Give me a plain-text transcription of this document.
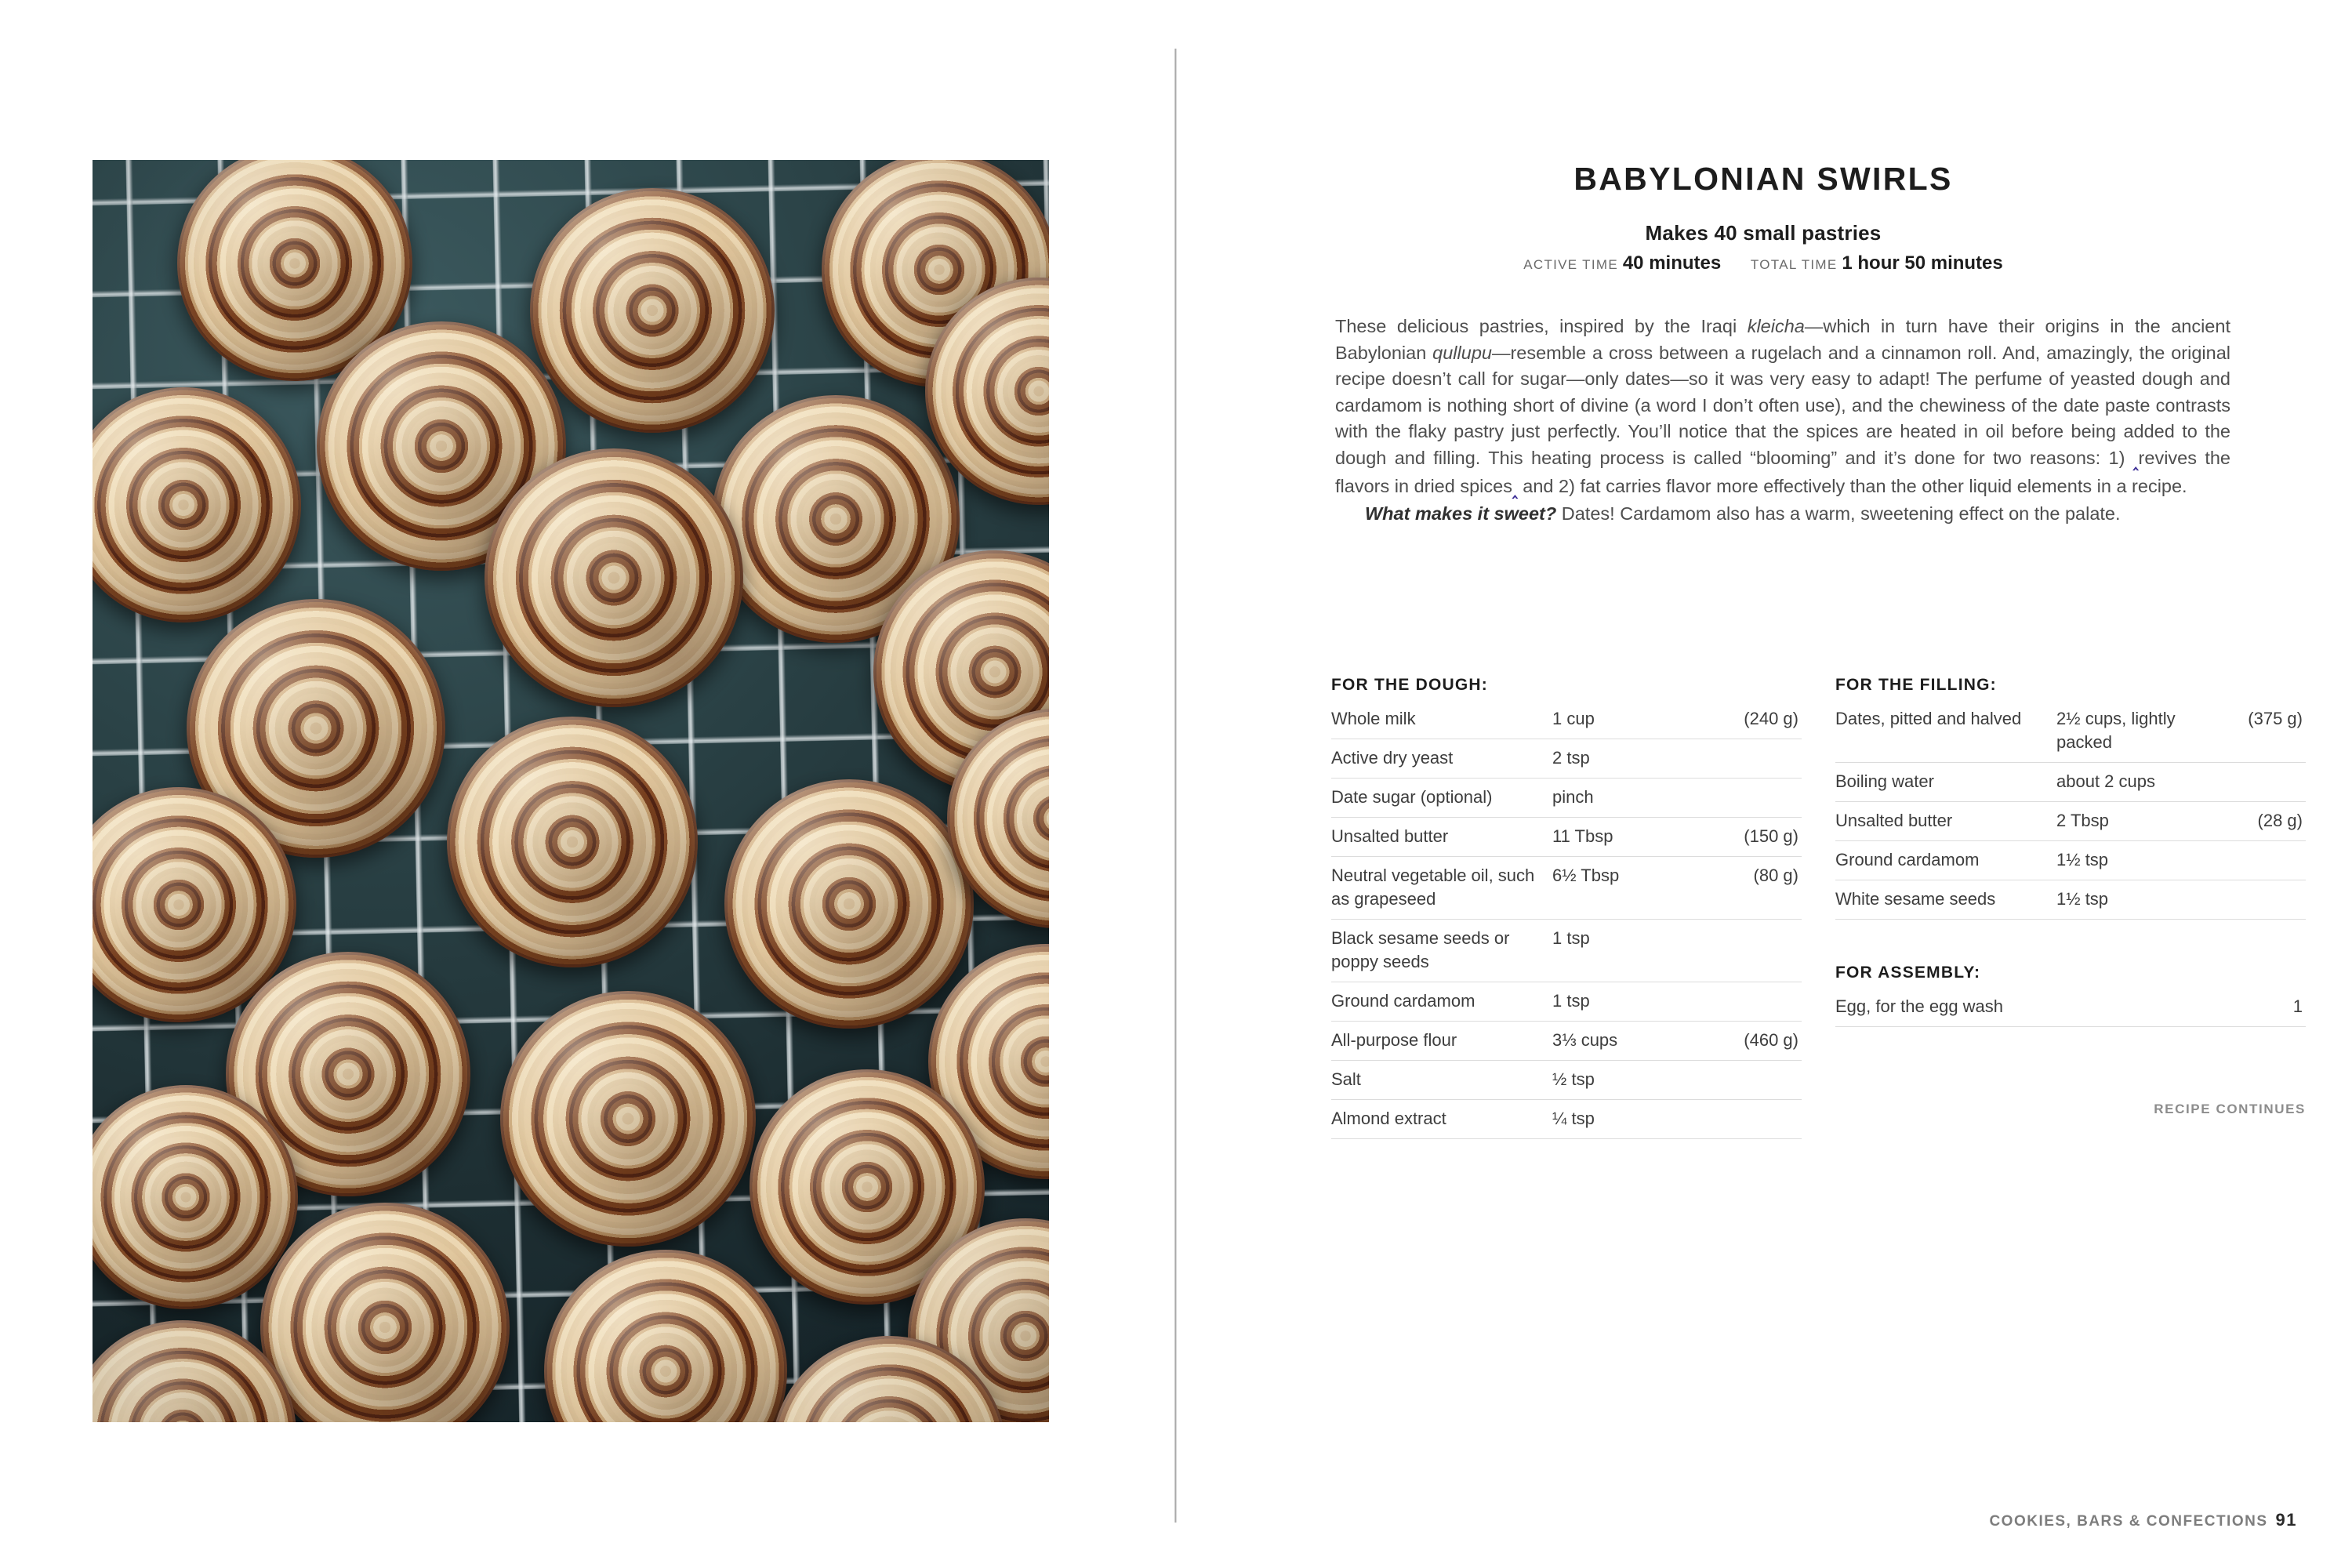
BABYLONIAN SWIRLS
Makes 40 small pastries
ACTIVE TIME 40 minutes TOTAL TIME 1 hour 50 minutes

These delicious pastries, inspired by the Iraqi kleicha—which in turn have their origins in the ancient Babylonian qullupu—resemble a cross between a rugelach and a cinnamon roll. And, amazingly, the original recipe doesn’t call for sugar—only dates—so it was very easy to adapt! The perfume of yeasted dough and cardamom is nothing short of divine (a word I don’t often use), and the chewiness of the date paste contrasts with the flaky pastry just perfectly. You’ll notice that the spices are heated in oil before being added to the dough and filling. This heating process is called “blooming” and it’s done for two reasons: 1) ‸revives the flavors in dried spices‸ and 2) fat carries flavor more effectively than the other liquid elements in a recipe.

What makes it sweet? Dates! Cardamom also has a warm, sweetening effect on the palate.

FOR THE DOUGH:
Whole milk	1 cup	(240 g)
Active dry yeast	2 tsp	
Date sugar (optional)	pinch	
Unsalted butter	11 Tbsp	(150 g)
Neutral vegetable oil, such as grapeseed	6½ Tbsp	(80 g)
Black sesame seeds or poppy seeds	1 tsp	
Ground cardamom	1 tsp	
All-purpose flour	3⅓ cups	(460 g)
Salt	½ tsp	
Almond extract	¼ tsp	
FOR THE FILLING:
Dates, pitted and halved	2½ cups, lightly packed	(375 g)
Boiling water	about 2 cups	
Unsalted butter	2 Tbsp	(28 g)
Ground cardamom	1½ tsp	
White sesame seeds	1½ tsp	
FOR ASSEMBLY:
Egg, for the egg wash		1
RECIPE CONTINUES
COOKIES, BARS & CONFECTIONS 91
